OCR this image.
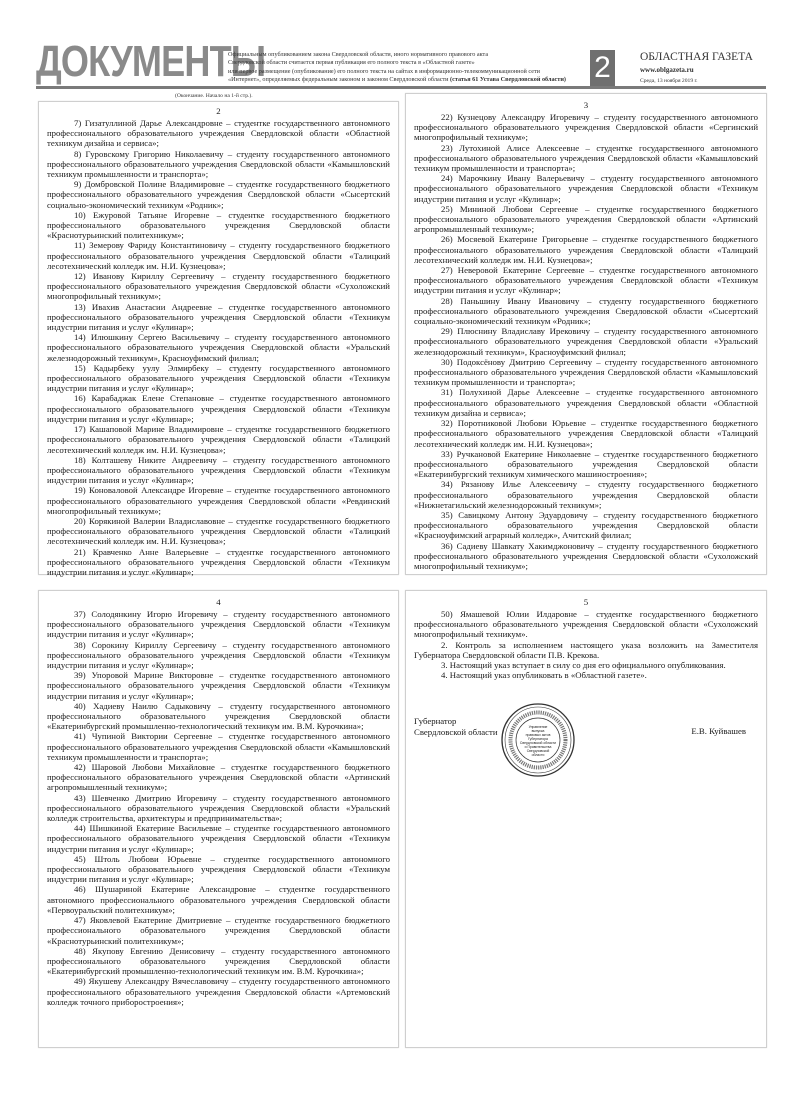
ДОКУМЕНТЫ
Официальным опубликованием закона Свердловской области, иного нормативного правового акта
Свердловской области считается первая публикация его полного текста в «Областной газете»
или первое размещение (опубликование) его полного текста на сайтах в информационно-телекоммуникационной сети
«Интернет», определяемых федеральным законом и законом Свердловской области (статья 61 Устава Свердловской области) 2	ОБЛАСТНАЯ ГАЗЕТА
www.oblgazeta.ru
Среда, 13 ноября 2019 г.
(Окончание. Начало на 1-й стр.).
2

7) Гизатуллиной Дарье Александровне – студентке государственного автономного профессионального образовательного учреждения Свердловской области «Областной техникум дизайна и сервиса»;

8) Гуровскому Григорию Николаевичу – студенту государственного автономного профессионального образовательного учреждения Свердловской области «Камышловский техникум промышленности и транспорта»;

9) Домбровской Полине Владимировне – студентке государственного бюджетного профессионального образовательного учреждения Свердловской области «Сысертский социально-экономический техникум «Родник»;

10) Ежуровой Татьяне Игоревне – студентке государственного бюджетного профессионального образовательного учреждения Свердловской области «Краснотурьинский политехникум»;

11) Земерову Фариду Константиновичу – студенту государственного бюджетного профессионального образовательного учреждения Свердловской области «Талицкий лесотехнический колледж им. Н.И. Кузнецова»;

12) Иванову Кириллу Сергеевичу – студенту государственного бюджетного профессионального образовательного учреждения Свердловской области «Сухоложский многопрофильный техникум»;

13) Ивахив Анастасии Андреевне – студентке государственного автономного профессионального образовательного учреждения Свердловской области «Техникум индустрии питания и услуг «Кулинар»;

14) Илюшкину Сергею Васильевичу – студенту государственного автономного профессионального образовательного учреждения Свердловской области «Уральский железнодорожный техникум», Красноуфимский филиал;

15) Кадырбеку уулу Элмирбеку – студенту государственного автономного профессионального образовательного учреждения Свердловской области «Техникум индустрии питания и услуг «Кулинар»;

16) Карабаджак Елене Степановне – студентке государственного автономного профессионального образовательного учреждения Свердловской области «Техникум индустрии питания и услуг «Кулинар»;

17) Кашаповой Марине Владимировне – студентке государственного бюджетного профессионального образовательного учреждения Свердловской области «Талицкий лесотехнический колледж им. Н.И. Кузнецова»;

18) Колташеву Никите Андреевичу – студенту государственного автономного профессионального образовательного учреждения Свердловской области «Техникум индустрии питания и услуг «Кулинар»;

19) Коноваловой Александре Игоревне – студентке государственного автономного профессионального образовательного учреждения Свердловской области «Ревдинский многопрофильный техникум»;

20) Корякиной Валерии Владиславовне – студентке государственного бюджетного профессионального образовательного учреждения Свердловской области «Талицкий лесотехнический колледж им. Н.И. Кузнецова»;

21) Кравченко Анне Валерьевне – студентке государственного автономного профессионального образовательного учреждения Свердловской области «Техникум индустрии питания и услуг «Кулинар»;

3

22) Кузнецову Александру Игоревичу – студенту государственного автономного профессионального образовательного учреждения Свердловской области «Сергинский многопрофильный техникум»;

23) Лутохиной Алисе Алексеевне – студентке государственного автономного профессионального образовательного учреждения Свердловской области «Камышловский техникум промышленности и транспорта»;

24) Марочкину Ивану Валерьевичу – студенту государственного автономного профессионального образовательного учреждения Свердловской области «Техникум индустрии питания и услуг «Кулинар»;

25) Мининой Любови Сергеевне – студентке государственного бюджетного профессионального образовательного учреждения Свердловской области «Артинский агропромышленный техникум»;

26) Мосяевой Екатерине Григорьевне – студентке государственного бюджетного профессионального образовательного учреждения Свердловской области «Талицкий лесотехнический колледж им. Н.И. Кузнецова»;

27) Неверовой Екатерине Сергеевне – студентке государственного автономного профессионального образовательного учреждения Свердловской области «Техникум индустрии питания и услуг «Кулинар»;

28) Паньшину Ивану Ивановичу – студенту государственного бюджетного профессионального образовательного учреждения Свердловской области «Сысертский социально-экономический техникум «Родник»;

29) Плюснину Владиславу Ирековичу – студенту государственного автономного профессионального образовательного учреждения Свердловской области «Уральский железнодорожный техникум», Красноуфимский филиал;

30) Подоксёнову Дмитрию Сергеевичу – студенту государственного автономного профессионального образовательного учреждения Свердловской области «Камышловский техникум промышленности и транспорта»;

31) Полухиной Дарье Алексеевне – студентке государственного автономного профессионального образовательного учреждения Свердловской области «Областной техникум дизайна и сервиса»;

32) Поротниковой Любови Юрьевне – студентке государственного бюджетного профессионального образовательного учреждения Свердловской области «Талицкий лесотехнический колледж им. Н.И. Кузнецова»;

33) Ручкановой Екатерине Николаевне – студентке государственного бюджетного профессионального образовательного учреждения Свердловской области «Екатеринбургский техникум химического машиностроения»;

34) Рязанову Илье Алексеевичу – студенту государственного бюджетного профессионального образовательного учреждения Свердловской области «Нижнетагильский железнодорожный техникум»;

35) Савицкому Антону Эдуардовичу – студенту государственного бюджетного профессионального образовательного учреждения Свердловской области «Красноуфимский аграрный колледж», Ачитский филиал;

36) Садиеву Шавкату Хакимджоновичу – студенту государственного бюджетного профессионального образовательного учреждения Свердловской области «Сухоложский многопрофильный техникум»;

4

37) Солодянкину Игорю Игоревичу – студенту государственного автономного профессионального образовательного учреждения Свердловской области «Техникум индустрии питания и услуг «Кулинар»;

38) Сорокину Кириллу Сергеевичу – студенту государственного автономного профессионального образовательного учреждения Свердловской области «Техникум индустрии питания и услуг «Кулинар»;

39) Упоровой Марине Викторовне – студентке государственного автономного профессионального образовательного учреждения Свердловской области «Техникум индустрии питания и услуг «Кулинар»;

40) Хадиеву Наилю Садыковичу – студенту государственного автономного профессионального образовательного учреждения Свердловской области «Екатеринбургский промышленно-технологический техникум им. В.М. Курочкина»;

41) Чупиной Виктории Сергеевне – студентке государственного автономного профессионального образовательного учреждения Свердловской области «Камышловский техникум промышленности и транспорта»;

42) Шаровой Любови Михайловне – студентке государственного бюджетного профессионального образовательного учреждения Свердловской области «Артинский агропромышленный техникум»;

43) Шевченко Дмитрию Игоревичу – студенту государственного автономного профессионального образовательного учреждения Свердловской области «Уральский колледж строительства, архитектуры и предпринимательства»;

44) Шишкиной Екатерине Васильевне – студентке государственного автономного профессионального образовательного учреждения Свердловской области «Техникум индустрии питания и услуг «Кулинар»;

45) Штоль Любови Юрьевне – студентке государственного автономного профессионального образовательного учреждения Свердловской области «Техникум индустрии питания и услуг «Кулинар»;

46) Шушариной Екатерине Александровне – студентке государственного автономного профессионального образовательного учреждения Свердловской области «Первоуральский политехникум»;

47) Яковлевой Екатерине Дмитриевне – студентке государственного бюджетного профессионального образовательного учреждения Свердловской области «Краснотурьинский политехникум»;

48) Якупову Евгению Денисовичу – студенту государственного автономного профессионального образовательного учреждения Свердловской области «Екатеринбургский промышленно-технологический техникум им. В.М. Курочкина»;

49) Якушеву Александру Вячеславовичу – студенту государственного автономного профессионального образовательного учреждения Свердловской области «Артемовский колледж точного приборостроения»;

5

50) Ямашевой Юлии Илдаровне – студентке государственного бюджетного профессионального образовательного учреждения Свердловской области «Сухоложский многопрофильный техникум».

2. Контроль за исполнением настоящего указа возложить на Заместителя Губернатора Свердловской области П.В. Крекова.

3. Настоящий указ вступает в силу со дня его официального опубликования.

4. Настоящий указ опубликовать в «Областной газете».

Губернатор
Свердловской области	Управление
выпуска
правовых актов
Губернатора
Свердловской области
и Правительства
Свердловской
области
Е.В. Куйвашев
